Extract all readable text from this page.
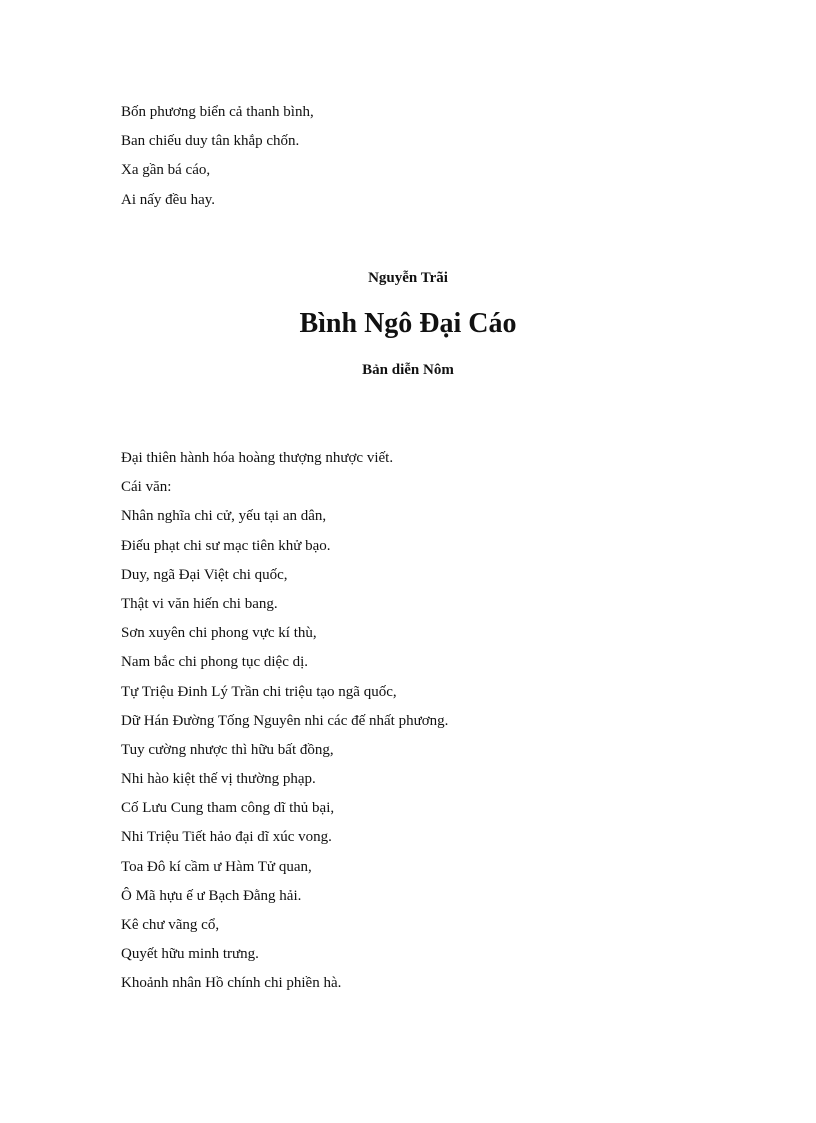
Bốn phương biển cả thanh bình,
Ban chiếu duy tân khắp chốn.
Xa gần bá cáo,
Ai nấy đều hay.
Nguyễn Trãi
Bình Ngô Đại Cáo
Bản diễn Nôm
Đại thiên hành hóa hoàng thượng nhược viết.
Cái văn:
Nhân nghĩa chi cử, yếu tại an dân,
Điếu phạt chi sư mạc tiên khử bạo.
Duy, ngã Đại Việt chi quốc,
Thật vi văn hiến chi bang.
Sơn xuyên chi phong vực kí thù,
Nam bắc chi phong tục diệc dị.
Tự Triệu Đinh Lý Trần chi triệu tạo ngã quốc,
Dữ Hán Đường Tống Nguyên nhi các đế nhất phương.
Tuy cường nhược thì hữu bất đồng,
Nhi hào kiệt thế vị thường phạp.
Cố Lưu Cung tham công dĩ thủ bại,
Nhi Triệu Tiết hảo đại dĩ xúc vong.
Toa Đô kí cầm ư Hàm Tử quan,
Ô Mã hựu ế ư Bạch Đằng hải.
Kê chư vãng cổ,
Quyết hữu minh trưng.
Khoảnh nhân Hồ chính chi phiền hà.
